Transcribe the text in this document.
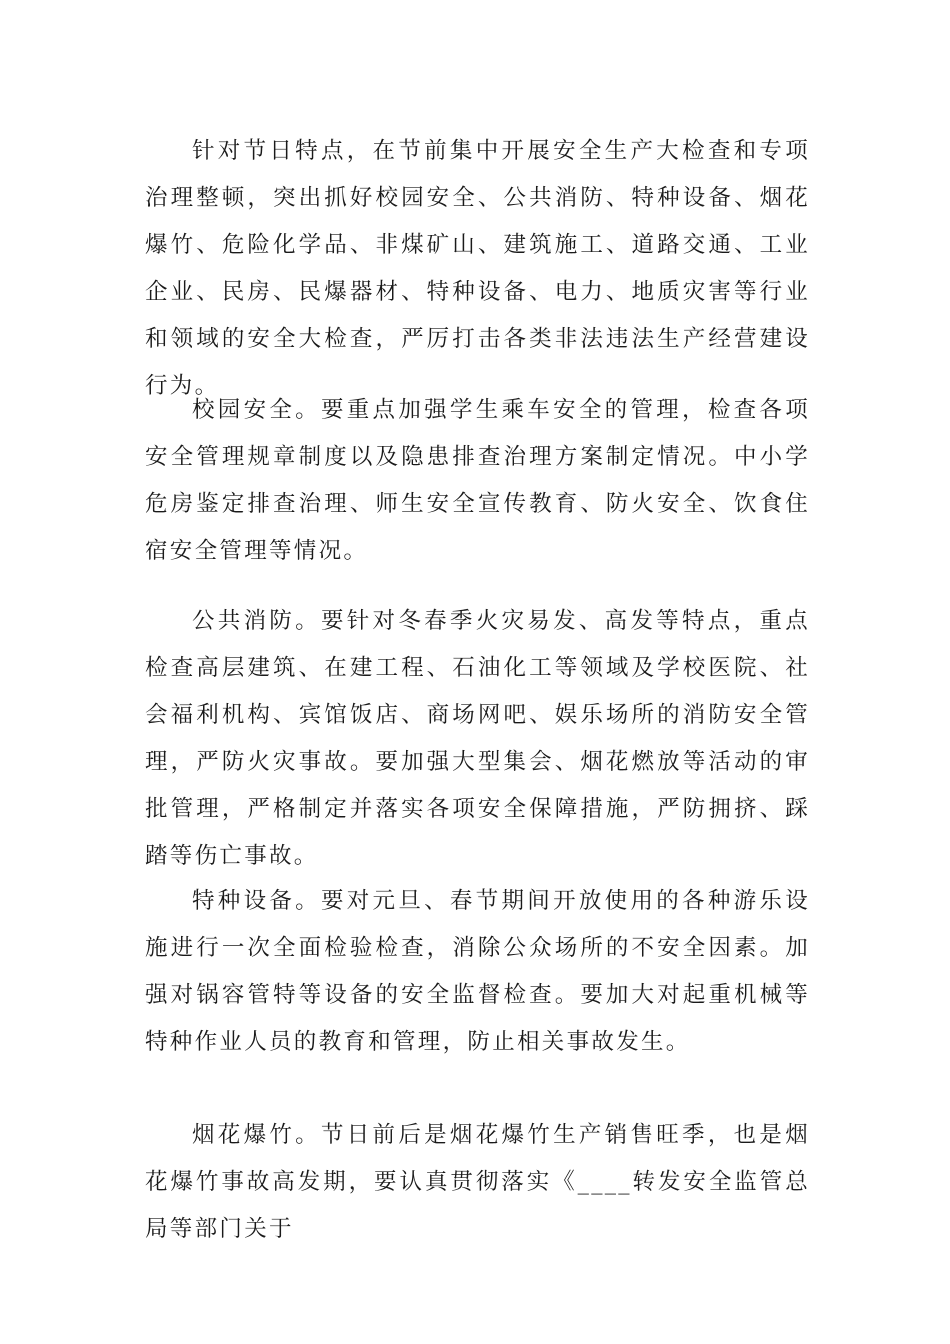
针对节日特点，在节前集中开展安全生产大检查和专项治理整顿，突出抓好校园安全、公共消防、特种设备、烟花爆竹、危险化学品、非煤矿山、建筑施工、道路交通、工业企业、民房、民爆器材、特种设备、电力、地质灾害等行业和领域的安全大检查，严厉打击各类非法违法生产经营建设行为。

校园安全。要重点加强学生乘车安全的管理，检查各项安全管理规章制度以及隐患排查治理方案制定情况。中小学危房鉴定排查治理、师生安全宣传教育、防火安全、饮食住宿安全管理等情况。

公共消防。要针对冬春季火灾易发、高发等特点，重点检查高层建筑、在建工程、石油化工等领域及学校医院、社会福利机构、宾馆饭店、商场网吧、娱乐场所的消防安全管理，严防火灾事故。要加强大型集会、烟花燃放等活动的审批管理，严格制定并落实各项安全保障措施，严防拥挤、踩踏等伤亡事故。

特种设备。要对元旦、春节期间开放使用的各种游乐设施进行一次全面检验检查，消除公众场所的不安全因素。加强对锅容管特等设备的安全监督检查。要加大对起重机械等特种作业人员的教育和管理，防止相关事故发生。

烟花爆竹。节日前后是烟花爆竹生产销售旺季，也是烟花爆竹事故高发期，要认真贯彻落实《____转发安全监管总局等部门关于
